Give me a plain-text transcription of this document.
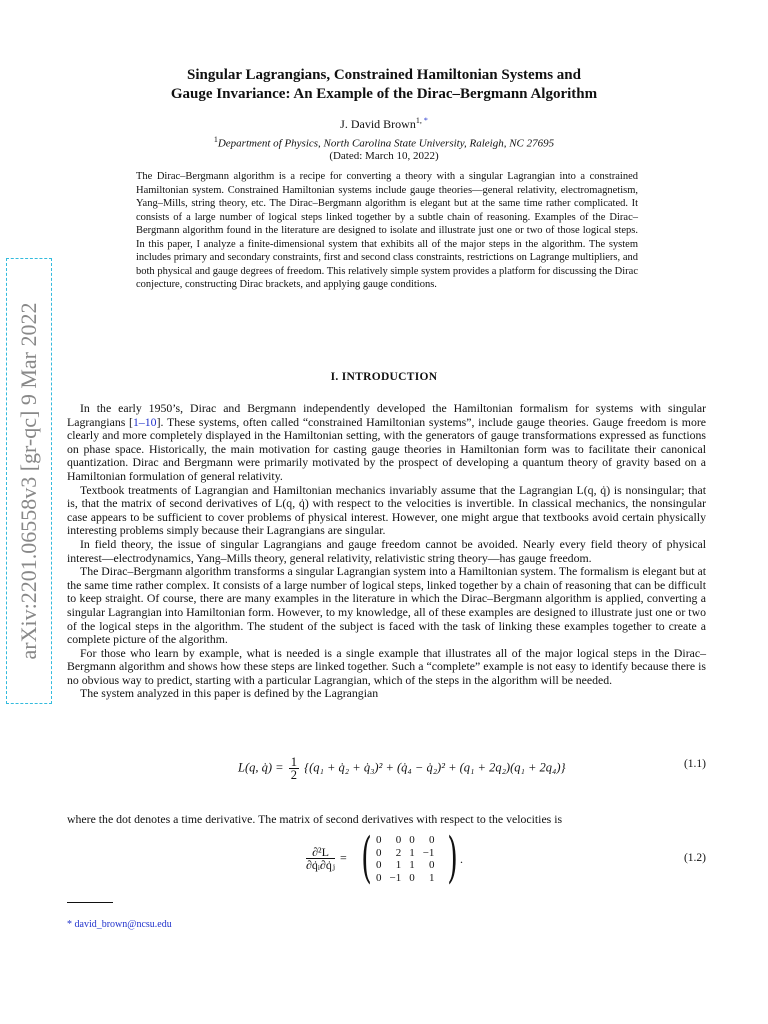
arXiv:2201.06558v3 [gr-qc] 9 Mar 2022
Singular Lagrangians, Constrained Hamiltonian Systems and
Gauge Invariance: An Example of the Dirac–Bergmann Algorithm
J. David Brown$^{1, *}$
$^1$Department of Physics, North Carolina State University, Raleigh, NC 27695
(Dated: March 10, 2022)
The Dirac–Bergmann algorithm is a recipe for converting a theory with a singular Lagrangian into a constrained Hamiltonian system. Constrained Hamiltonian systems include gauge theories—general relativity, electromagnetism, Yang–Mills, string theory, etc. The Dirac–Bergmann algorithm is elegant but at the same time rather complicated. It consists of a large number of logical steps linked together by a subtle chain of reasoning. Examples of the Dirac–Bergmann algorithm found in the literature are designed to isolate and illustrate just one or two of those logical steps. In this paper, I analyze a finite-dimensional system that exhibits all of the major steps in the algorithm. The system includes primary and secondary constraints, first and second class constraints, restrictions on Lagrange multipliers, and both physical and gauge degrees of freedom. This relatively simple system provides a platform for discussing the Dirac conjecture, constructing Dirac brackets, and applying gauge conditions.
I. INTRODUCTION

In the early 1950’s, Dirac and Bergmann independently developed the Hamiltonian formalism for systems with singular Lagrangians [1–10]. These systems, often called “constrained Hamiltonian systems”, include gauge theories. Gauge freedom is more clearly and more completely displayed in the Hamiltonian setting, with the generators of gauge transformations expressed as functions on phase space. Historically, the main motivation for casting gauge theories in Hamiltonian form was to facilitate their canonical quantization. Dirac and Bergmann were primarily motivated by the prospect of developing a quantum theory of gravity based on a Hamiltonian formulation of general relativity.

Textbook treatments of Lagrangian and Hamiltonian mechanics invariably assume that the Lagrangian L(q, q̇) is nonsingular; that is, that the matrix of second derivatives of L(q, q̇) with respect to the velocities is invertible. In classical mechanics, the nonsingular case appears to be sufficient to cover problems of physical interest. However, one might argue that textbooks avoid certain physically interesting problems simply because their Lagrangians are singular.

In field theory, the issue of singular Lagrangians and gauge freedom cannot be avoided. Nearly every field theory of physical interest—electrodynamics, Yang–Mills theory, general relativity, relativistic string theory—has gauge freedom.

The Dirac–Bergmann algorithm transforms a singular Lagrangian system into a Hamiltonian system. The formalism is elegant but at the same time rather complex. It consists of a large number of logical steps, linked together by a chain of reasoning that can be difficult to keep straight. Of course, there are many examples in the literature in which the Dirac–Bergmann algorithm is applied, converting a singular Lagrangian into Hamiltonian form. However, to my knowledge, all of these examples are designed to illustrate just one or two of the logical steps in the algorithm. The student of the subject is faced with the task of linking these examples together to create a complete picture of the algorithm.

For those who learn by example, what is needed is a single example that illustrates all of the major logical steps in the Dirac–Bergmann algorithm and shows how these steps are linked together. Such a “complete” example is not easy to identify because there is no obvious way to predict, starting with a particular Lagrangian, which of the steps in the algorithm will be needed.

The system analyzed in this paper is defined by the Lagrangian

L(q, q̇) = $\frac{1}{2} \{(q_1$ + q̇₂ + q̇₃)² + (q̇₄ − q̇₂)² + (q₁ + 2q₂)(q₁ + 2q₄)}	(1.1)
where the dot denotes a time derivative. The matrix of second derivatives with respect to the velocities is
$\frac{\text{∂²L}}{\text{∂q̇ᵢ∂q̇ⱼ}}$ = ( 0	0	0	0
0	2	1	−1
0	1	1	0
0	−1	0	1 ) .	(1.2)
* david_brown@ncsu.edu
